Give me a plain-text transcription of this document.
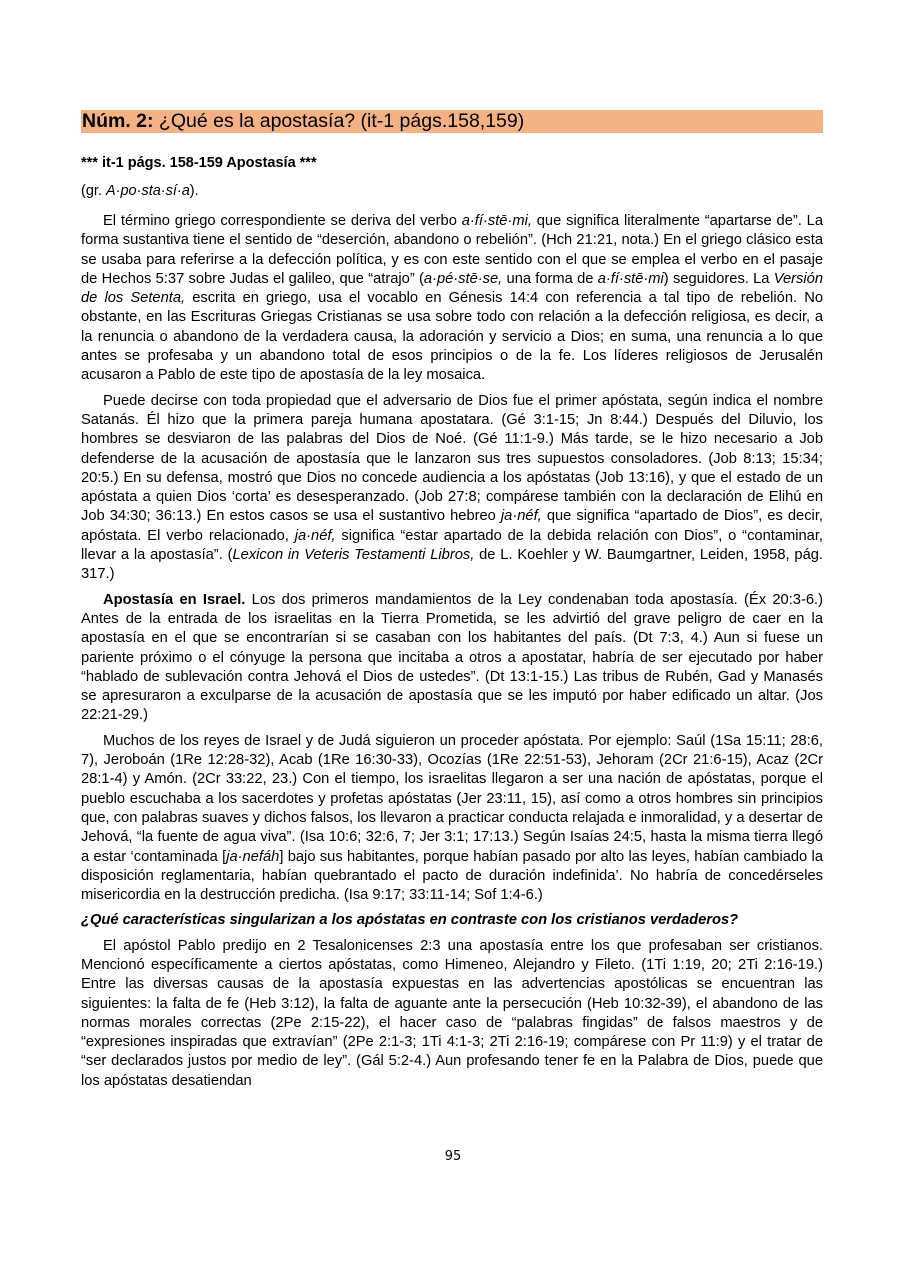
Núm. 2: ¿Qué es la apostasía? (it-1 págs.158,159)
*** it-1 págs. 158-159 Apostasía ***
(gr. A·po·sta·sí·a).

El término griego correspondiente se deriva del verbo a·fí·stē·mi, que significa literalmente “apartarse de”. La forma sustantiva tiene el sentido de “deserción, abandono o rebelión”. (Hch 21:21, nota.) En el griego clásico esta se usaba para referirse a la defección política, y es con este sentido con el que se emplea el verbo en el pasaje de Hechos 5:37 sobre Judas el galileo, que “atrajo” (a·pé·stē·se, una forma de a·fí·stē·mi) seguidores. La Versión de los Setenta, escrita en griego, usa el vocablo en Génesis 14:4 con referencia a tal tipo de rebelión. No obstante, en las Escrituras Griegas Cristianas se usa sobre todo con relación a la defección religiosa, es decir, a la renuncia o abandono de la verdadera causa, la adoración y servicio a Dios; en suma, una renuncia a lo que antes se profesaba y un abandono total de esos principios o de la fe. Los líderes religiosos de Jerusalén acusaron a Pablo de este tipo de apostasía de la ley mosaica.

Puede decirse con toda propiedad que el adversario de Dios fue el primer apóstata, según indica el nombre Satanás. Él hizo que la primera pareja humana apostatara. (Gé 3:1-15; Jn 8:44.) Después del Diluvio, los hombres se desviaron de las palabras del Dios de Noé. (Gé 11:1-9.) Más tarde, se le hizo necesario a Job defenderse de la acusación de apostasía que le lanzaron sus tres supuestos consoladores. (Job 8:13; 15:34; 20:5.) En su defensa, mostró que Dios no concede audiencia a los apóstatas (Job 13:16), y que el estado de un apóstata a quien Dios ‘corta’ es desesperanzado. (Job 27:8; compárese también con la declaración de Elihú en Job 34:30; 36:13.) En estos casos se usa el sustantivo hebreo ja·néf, que significa “apartado de Dios”, es decir, apóstata. El verbo relacionado, ja·néf, significa “estar apartado de la debida relación con Dios”, o “contaminar, llevar a la apostasía”. (Lexicon in Veteris Testamenti Libros, de L. Koehler y W. Baumgartner, Leiden, 1958, pág. 317.)

Apostasía en Israel. Los dos primeros mandamientos de la Ley condenaban toda apostasía. (Éx 20:3-6.) Antes de la entrada de los israelitas en la Tierra Prometida, se les advirtió del grave peligro de caer en la apostasía en el que se encontrarían si se casaban con los habitantes del país. (Dt 7:3, 4.) Aun si fuese un pariente próximo o el cónyuge la persona que incitaba a otros a apostatar, habría de ser ejecutado por haber “hablado de sublevación contra Jehová el Dios de ustedes”. (Dt 13:1-15.) Las tribus de Rubén, Gad y Manasés se apresuraron a exculparse de la acusación de apostasía que se les imputó por haber edificado un altar. (Jos 22:21-29.)

Muchos de los reyes de Israel y de Judá siguieron un proceder apóstata. Por ejemplo: Saúl (1Sa 15:11; 28:6, 7), Jeroboán (1Re 12:28-32), Acab (1Re 16:30-33), Ocozías (1Re 22:51-53), Jehoram (2Cr 21:6-15), Acaz (2Cr 28:1-4) y Amón. (2Cr 33:22, 23.) Con el tiempo, los israelitas llegaron a ser una nación de apóstatas, porque el pueblo escuchaba a los sacerdotes y profetas apóstatas (Jer 23:11, 15), así como a otros hombres sin principios que, con palabras suaves y dichos falsos, los llevaron a practicar conducta relajada e inmoralidad, y a desertar de Jehová, “la fuente de agua viva”. (Isa 10:6; 32:6, 7; Jer 3:1; 17:13.) Según Isaías 24:5, hasta la misma tierra llegó a estar ‘contaminada [ja·nefáh] bajo sus habitantes, porque habían pasado por alto las leyes, habían cambiado la disposición reglamentaria, habían quebrantado el pacto de duración indefinida’. No habría de concedérseles misericordia en la destrucción predicha. (Isa 9:17; 33:11-14; Sof 1:4-6.)

¿Qué características singularizan a los apóstatas en contraste con los cristianos verdaderos?

El apóstol Pablo predijo en 2 Tesalonicenses 2:3 una apostasía entre los que profesaban ser cristianos. Mencionó específicamente a ciertos apóstatas, como Himeneo, Alejandro y Fileto. (1Ti 1:19, 20; 2Ti 2:16-19.) Entre las diversas causas de la apostasía expuestas en las advertencias apostólicas se encuentran las siguientes: la falta de fe (Heb 3:12), la falta de aguante ante la persecución (Heb 10:32-39), el abandono de las normas morales correctas (2Pe 2:15-22), el hacer caso de “palabras fingidas” de falsos maestros y de “expresiones inspiradas que extravían” (2Pe 2:1-3; 1Ti 4:1-3; 2Ti 2:16-19; compárese con Pr 11:9) y el tratar de “ser declarados justos por medio de ley”. (Gál 5:2-4.) Aun profesando tener fe en la Palabra de Dios, puede que los apóstatas desatiendan

95
